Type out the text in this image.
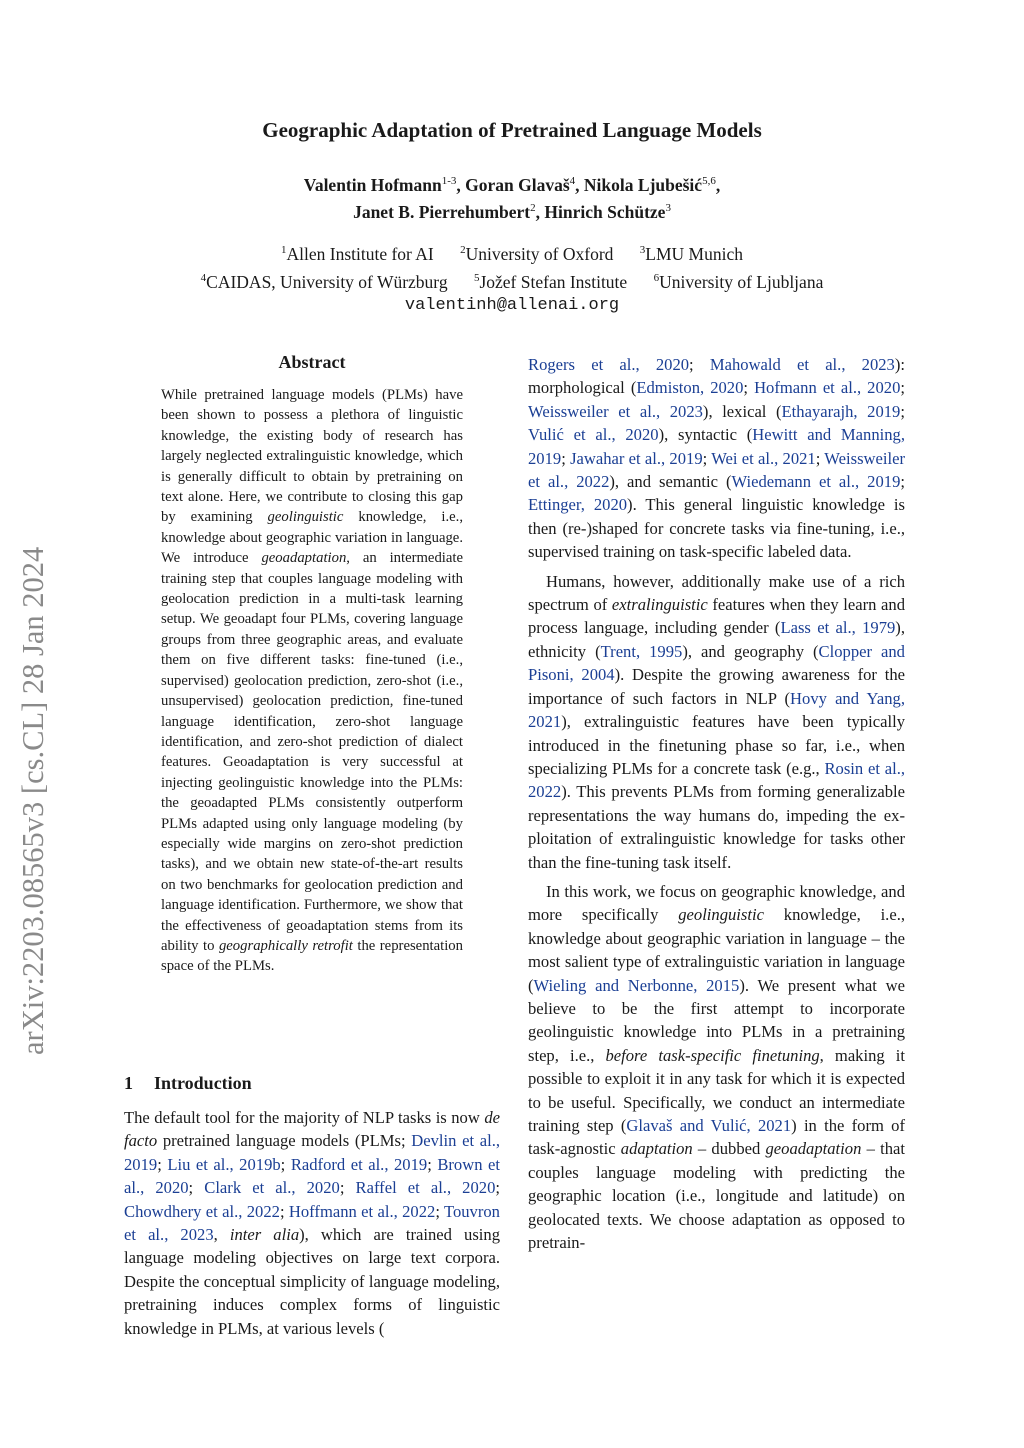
Geographic Adaptation of Pretrained Language Models
Valentin Hofmann$^{1-3}$, Goran Glavaš$^4$, Nikola Ljubešić$^{5,6}$,
Janet B. Pierrehumbert$^2$, Hinrich Schütze$^3$
$^1$Allen Institute for AI $^2$University of Oxford $^3$LMU Munich
$^4$CAIDAS, University of Würzburg $^5$Jožef Stefan Institute $^6$University of Ljubljana
valentinh@allenai.org
arXiv:2203.08565v3 [cs.CL] 28 Jan 2024
Abstract
While pretrained language models (PLMs) have been shown to possess a plethora of linguistic knowledge, the existing body of research has largely neglected extralinguistic knowledge, which is generally difficult to obtain by pretraining on text alone. Here, we contribute to closing this gap by examining geolinguistic knowledge, i.e., knowledge about geographic variation in language. We introduce geoadaptation, an intermediate training step that couples language modeling with geolocation prediction in a multi-task learning setup. We geoadapt four PLMs, covering language groups from three geographic areas, and evaluate them on five different tasks: fine-tuned (i.e., supervised) geolocation prediction, zero-shot (i.e., unsupervised) geolocation prediction, fine-tuned language identification, zero-shot language identification, and zero-shot prediction of dialect features. Geoadaptation is very successful at injecting geolinguistic knowledge into the PLMs: the geoadapted PLMs consistently outperform PLMs adapted using only language modeling (by especially wide margins on zero-shot prediction tasks), and we obtain new state-of-the-art results on two benchmarks for geolocation prediction and language identification. Furthermore, we show that the effectiveness of geoadaptation stems from its ability to geographically retrofit the representation space of the PLMs.
1 Introduction

The default tool for the majority of NLP tasks is now de facto pretrained language models (PLMs; Devlin et al., 2019; Liu et al., 2019b; Radford et al., 2019; Brown et al., 2020; Clark et al., 2020; Raffel et al., 2020; Chowdhery et al., 2022; Hoffmann et al., 2022; Touvron et al., 2023, inter alia), which are trained using language modeling objectives on large text corpora. Despite the conceptual simplicity of language modeling, pretraining induces complex forms of linguistic knowledge in PLMs, at various levels (

Rogers et al., 2020; Mahowald et al., 2023): morphological (Edmiston, 2020; Hofmann et al., 2020; Weissweiler et al., 2023), lexical (Ethayarajh, 2019; Vulić et al., 2020), syntactic (Hewitt and Manning, 2019; Jawahar et al., 2019; Wei et al., 2021; Weissweiler et al., 2022), and semantic (Wiedemann et al., 2019; Ettinger, 2020). This general linguistic knowledge is then (re-)shaped for concrete tasks via fine-tuning, i.e., supervised training on task-specific labeled data.

Humans, however, additionally make use of a rich spectrum of extralinguistic features when they learn and process language, including gender (Lass et al., 1979), ethnicity (Trent, 1995), and geography (Clopper and Pisoni, 2004). Despite the growing awareness for the importance of such factors in NLP (Hovy and Yang, 2021), extralinguistic features have been typically introduced in the finetuning phase so far, i.e., when specializing PLMs for a concrete task (e.g., Rosin et al., 2022). This prevents PLMs from forming generalizable representations the way humans do, impeding the exploitation of extralinguistic knowledge for tasks other than the fine-tuning task itself.

In this work, we focus on geographic knowledge, and more specifically geolinguistic knowledge, i.e., knowledge about geographic variation in language – the most salient type of extralinguistic variation in language (Wieling and Nerbonne, 2015). We present what we believe to be the first attempt to incorporate geolinguistic knowledge into PLMs in a pretraining step, i.e., before task-specific finetuning, making it possible to exploit it in any task for which it is expected to be useful. Specifically, we conduct an intermediate training step (Glavaš and Vulić, 2021) in the form of task-agnostic adaptation – dubbed geoadaptation – that couples language modeling with predicting the geographic location (i.e., longitude and latitude) on geolocated texts. We choose adaptation as opposed to pretrain-
